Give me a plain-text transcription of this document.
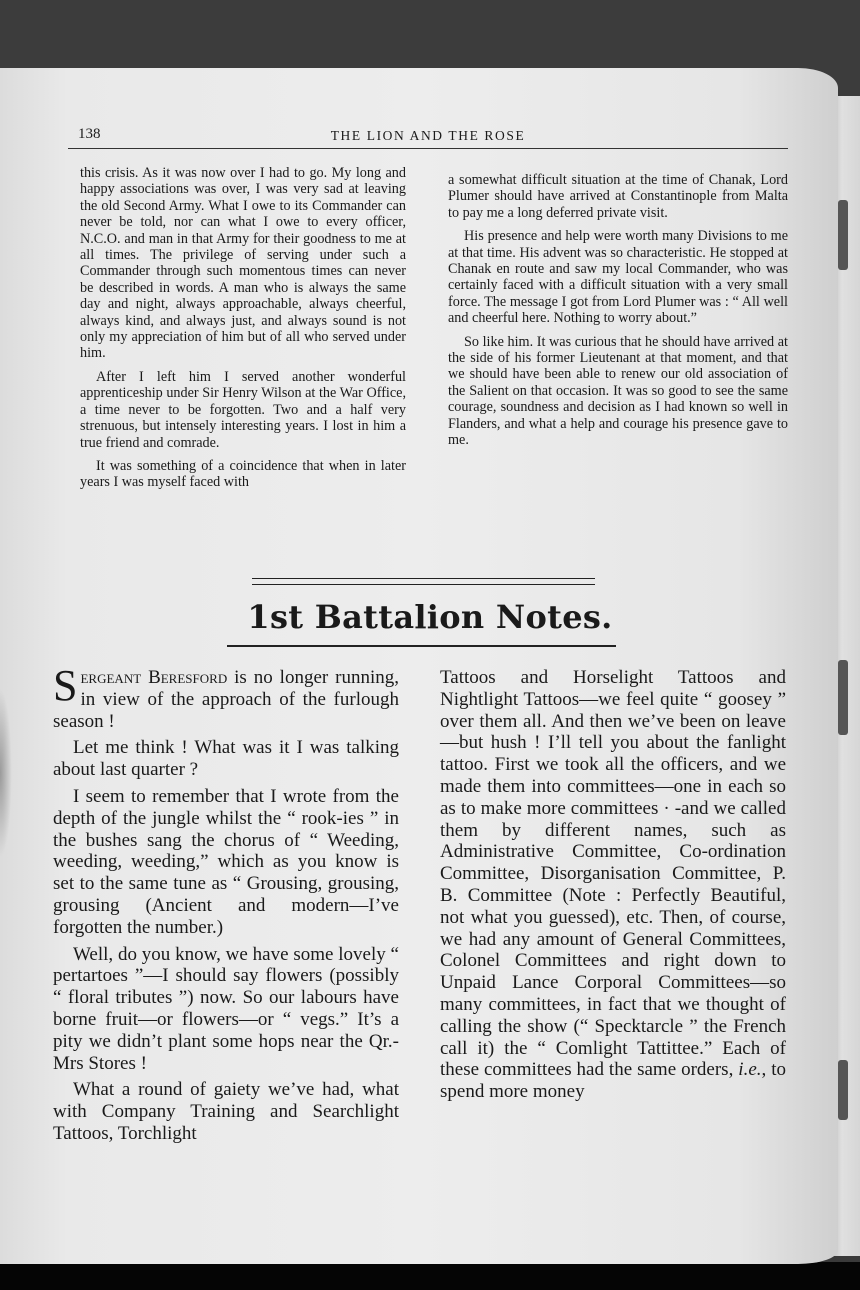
138	THE LION AND THE ROSE

this crisis. As it was now over I had to go. My long and happy associations was over, I was very sad at leaving the old Second Army. What I owe to its Commander can never be told, nor can what I owe to every officer, N.C.O. and man in that Army for their goodness to me at all times. The privilege of serving under such a Commander through such momentous times can never be described in words. A man who is always the same day and night, always approachable, always cheerful, always kind, and always just, and always sound is not only my appreciation of him but of all who served under him.

After I left him I served another wonderful apprenticeship under Sir Henry Wilson at the War Office, a time never to be forgotten. Two and a half very strenuous, but intensely interesting years. I lost in him a true friend and comrade.

It was something of a coincidence that when in later years I was myself faced with

a somewhat difficult situation at the time of Chanak, Lord Plumer should have arrived at Constantinople from Malta to pay me a long deferred private visit.

His presence and help were worth many Divisions to me at that time. His advent was so characteristic. He stopped at Chanak en route and saw my local Commander, who was certainly faced with a difficult situation with a very small force. The message I got from Lord Plumer was : “ All well and cheerful here. Nothing to worry about.”

So like him. It was curious that he should have arrived at the side of his former Lieutenant at that moment, and that we should have been able to renew our old association of the Salient on that occasion. It was so good to see the same courage, soundness and decision as I had known so well in Flanders, and what a help and courage his presence gave to me.

1st Battalion Notes.

Sergeant Beresford is no longer running, in view of the approach of the furlough season !

Let me think ! What was it I was talking about last quarter ?

I seem to remember that I wrote from the depth of the jungle whilst the “ rook-ies ” in the bushes sang the chorus of “ Weeding, weeding, weeding,” which as you know is set to the same tune as “ Grousing, grousing, grousing (Ancient and modern—I’ve forgotten the number.)

Well, do you know, we have some lovely “ pertartoes ”—I should say flowers (possibly “ floral tributes ”) now. So our labours have borne fruit—or flowers—or “ vegs.” It’s a pity we didn’t plant some hops near the Qr.-Mrs Stores !

What a round of gaiety we’ve had, what with Company Training and Searchlight Tattoos, Torchlight

Tattoos and Horselight Tattoos and Nightlight Tattoos—we feel quite “ goosey ” over them all. And then we’ve been on leave—but hush ! I’ll tell you about the fanlight tattoo. First we took all the officers, and we made them into committees—one in each so as to make more committees · -and we called them by different names, such as Administrative Committee, Co-ordination Committee, Disorganisation Committee, P. B. Committee (Note : Perfectly Beautiful, not what you guessed), etc. Then, of course, we had any amount of General Committees, Colonel Committees and right down to Unpaid Lance Corporal Committees—so many committees, in fact that we thought of calling the show (“ Specktarcle ” the French call it) the “ Comlight Tattittee.” Each of these committees had the same orders, i.e., to spend more money
